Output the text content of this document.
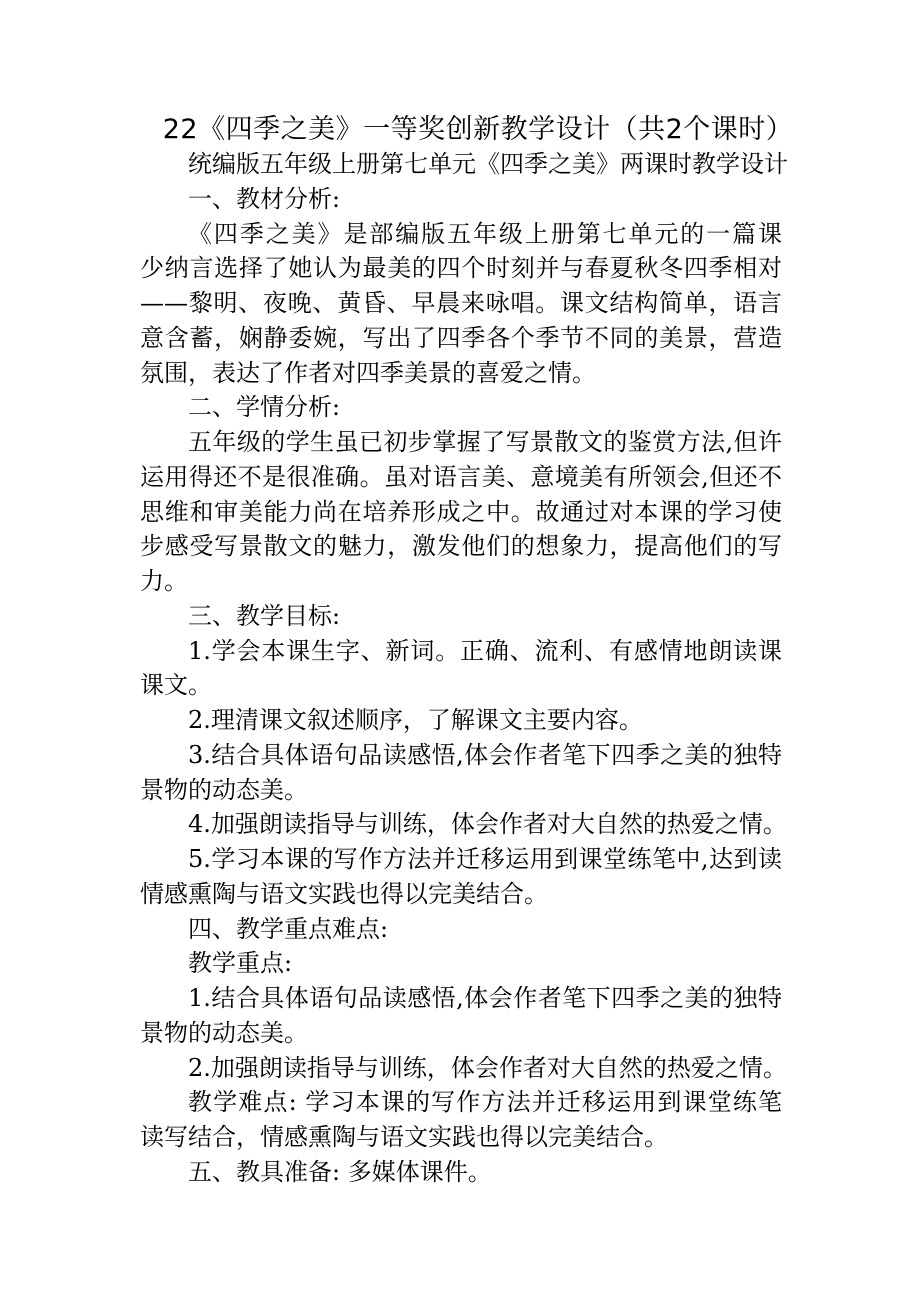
22《四季之美》一等奖创新教学设计（共2个课时）
统编版五年级上册第七单元《四季之美》两课时教学设计
一、教材分析:
《四季之美》是部编版五年级上册第七单元的一篇课
少纳言选择了她认为最美的四个时刻并与春夏秋冬四季相对
——黎明、夜晚、黄昏、早晨来咏唱。课文结构简单，语言
意含蓄，娴静委婉，写出了四季各个季节不同的美景，营造
氛围，表达了作者对四季美景的喜爱之情。
二、学情分析:
五年级的学生虽已初步掌握了写景散文的鉴赏方法,但许
运用得还不是很准确。虽对语言美、意境美有所领会,但还不
思维和审美能力尚在培养形成之中。故通过对本课的学习使
步感受写景散文的魅力，激发他们的想象力，提高他们的写
力。
三、教学目标:
1.学会本课生字、新词。正确、流利、有感情地朗读课
课文。
2.理清课文叙述顺序，了解课文主要内容。
3.结合具体语句品读感悟,体会作者笔下四季之美的独特
景物的动态美。
4.加强朗读指导与训练，体会作者对大自然的热爱之情。
5.学习本课的写作方法并迁移运用到课堂练笔中,达到读
情感熏陶与语文实践也得以完美结合。
四、教学重点难点:
教学重点:
1.结合具体语句品读感悟,体会作者笔下四季之美的独特
景物的动态美。
2.加强朗读指导与训练，体会作者对大自然的热爱之情。
教学难点: 学习本课的写作方法并迁移运用到课堂练笔
读写结合，情感熏陶与语文实践也得以完美结合。
五、教具准备: 多媒体课件。
